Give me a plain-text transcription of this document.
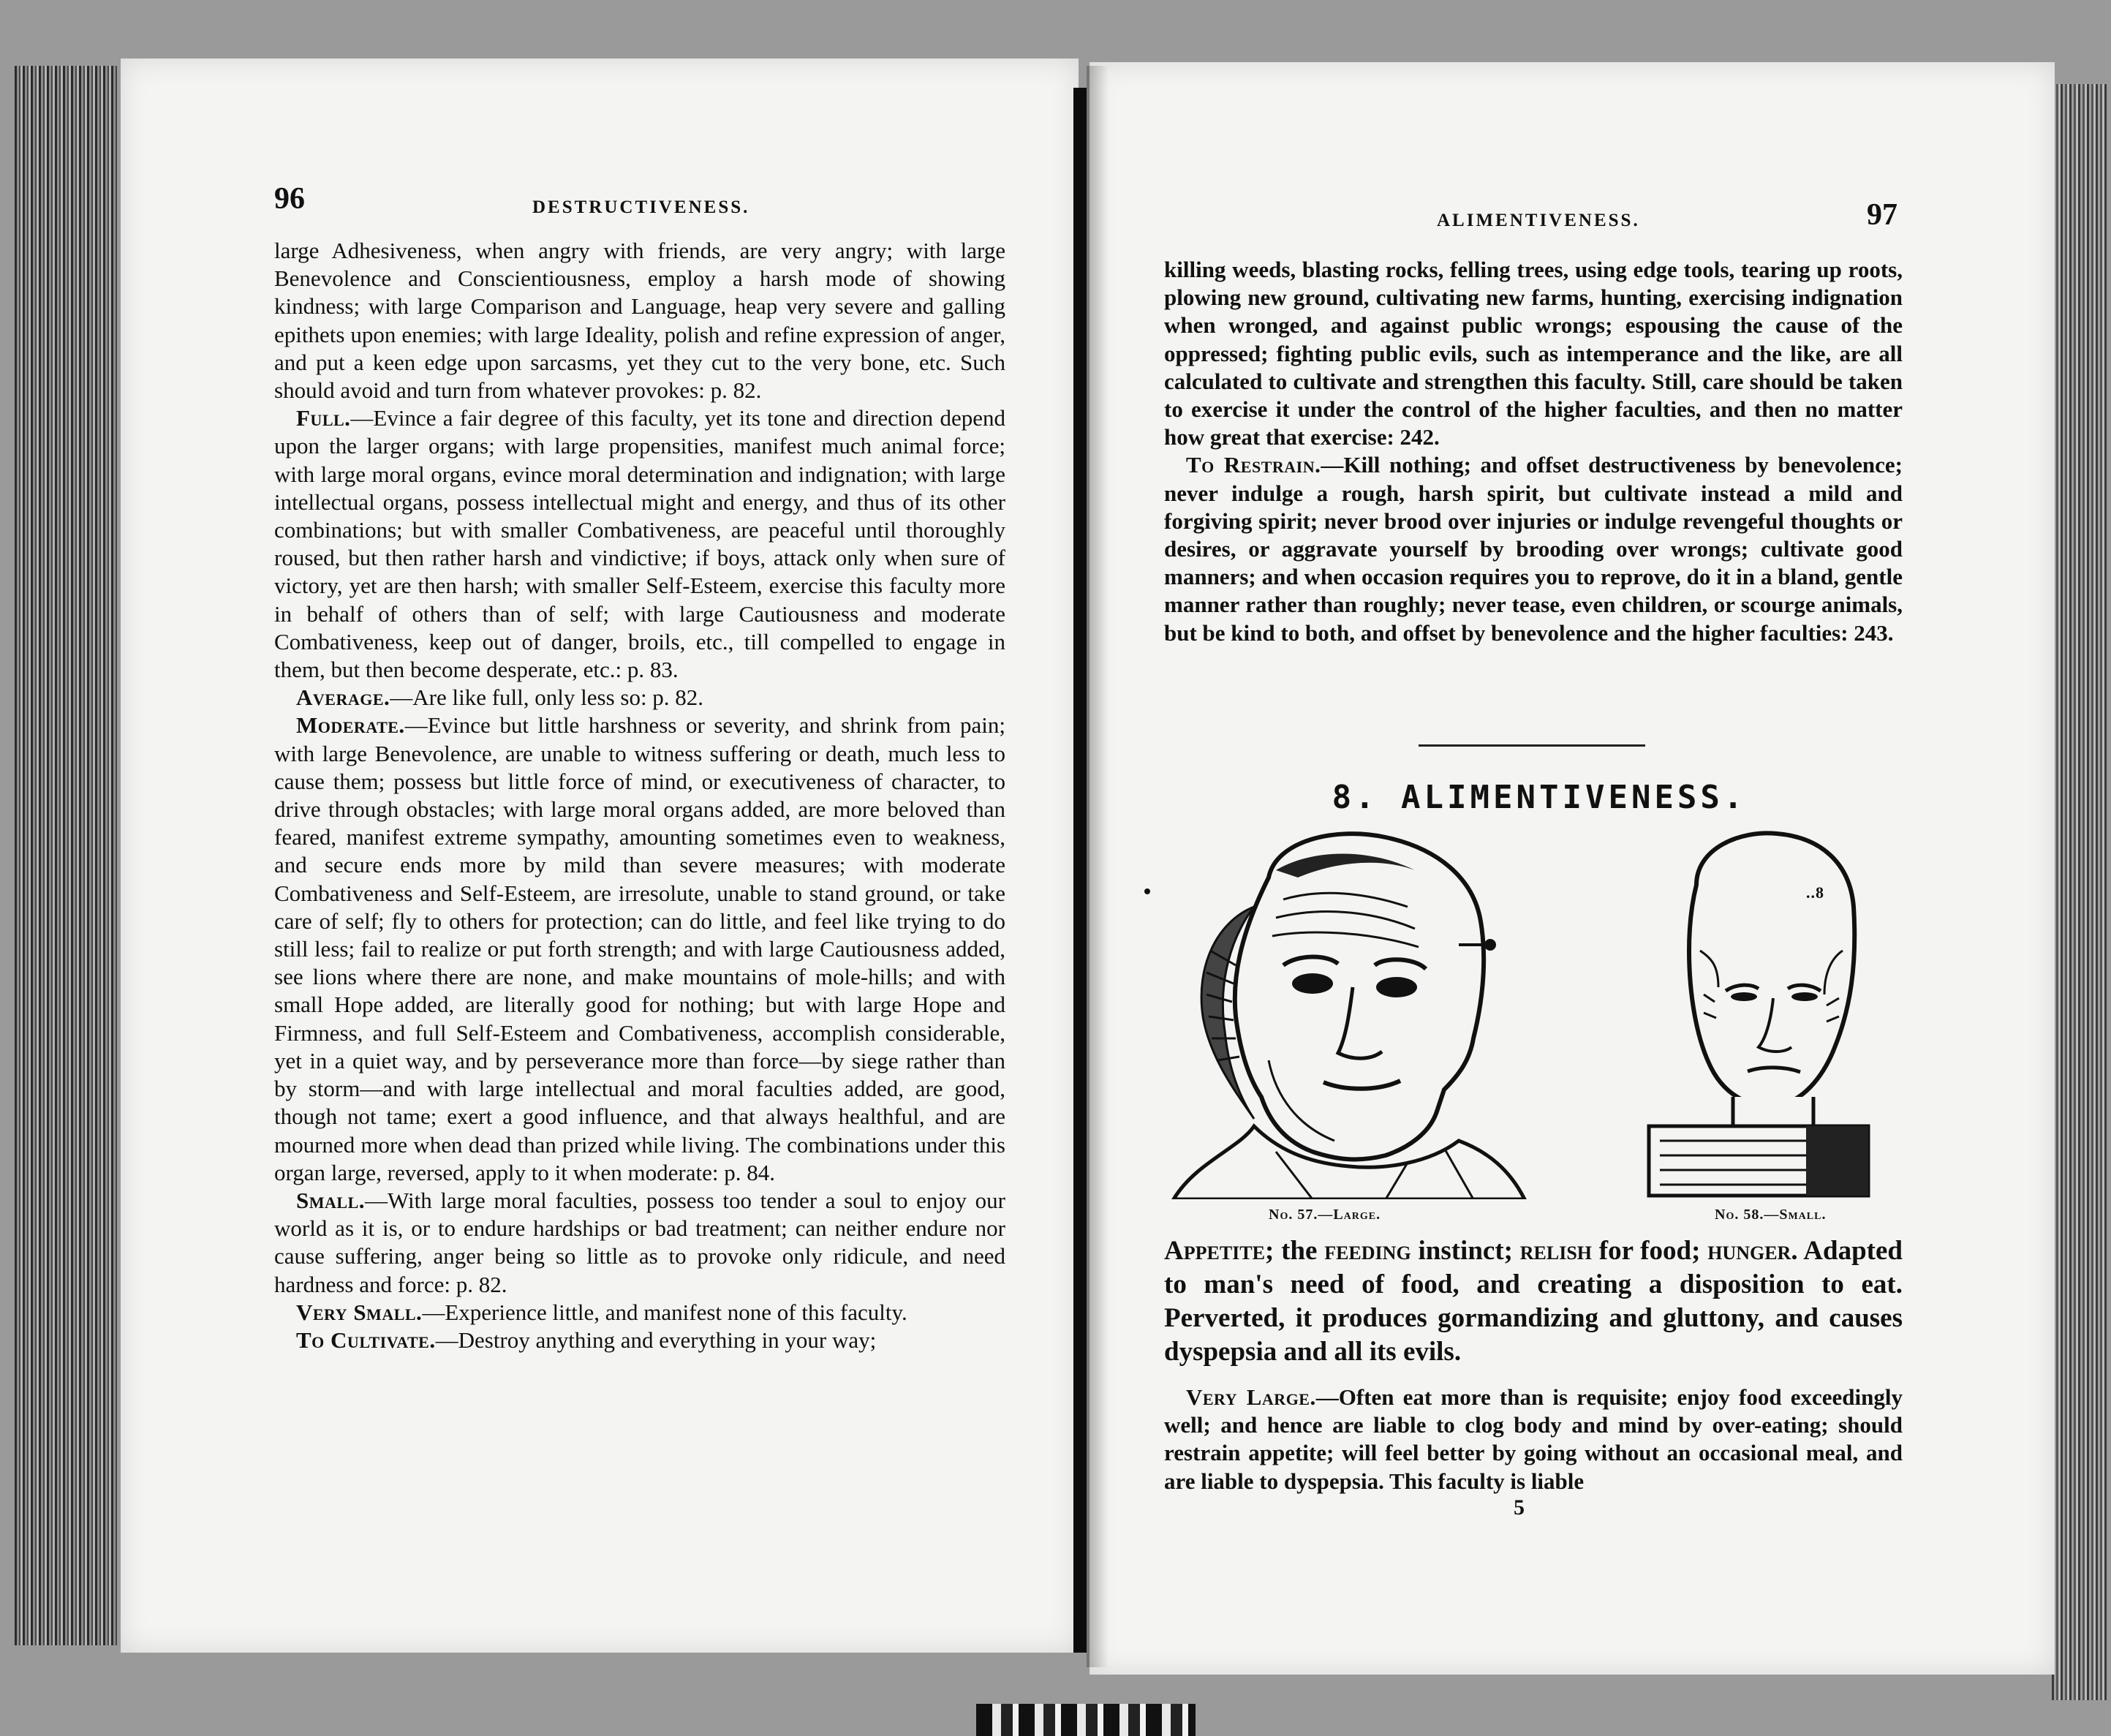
96	DESTRUCTIVENESS.

large Adhesiveness, when angry with friends, are very angry; with large Benevolence and Conscientiousness, employ a harsh mode of showing kindness; with large Comparison and Language, heap very severe and galling epithets upon enemies; with large Ideality, polish and refine expression of anger, and put a keen edge upon sarcasms, yet they cut to the very bone, etc. Such should avoid and turn from whatever provokes: p. 82.

Full.—Evince a fair degree of this faculty, yet its tone and direction depend upon the larger organs; with large propensities, manifest much animal force; with large moral organs, evince moral determination and indignation; with large intellectual organs, possess intellectual might and energy, and thus of its other combinations; but with smaller Combativeness, are peaceful until thoroughly roused, but then rather harsh and vindictive; if boys, attack only when sure of victory, yet are then harsh; with smaller Self-Esteem, exercise this faculty more in behalf of others than of self; with large Cautiousness and moderate Combativeness, keep out of danger, broils, etc., till compelled to engage in them, but then become desperate, etc.: p. 83.

Average.—Are like full, only less so: p. 82.

Moderate.—Evince but little harshness or severity, and shrink from pain; with large Benevolence, are unable to witness suffering or death, much less to cause them; possess but little force of mind, or executiveness of character, to drive through obstacles; with large moral organs added, are more beloved than feared, manifest extreme sympathy, amounting sometimes even to weakness, and secure ends more by mild than severe measures; with moderate Combativeness and Self-Esteem, are irresolute, unable to stand ground, or take care of self; fly to others for protection; can do little, and feel like trying to do still less; fail to realize or put forth strength; and with large Cautiousness added, see lions where there are none, and make mountains of mole-hills; and with small Hope added, are literally good for nothing; but with large Hope and Firmness, and full Self-Esteem and Combativeness, accomplish considerable, yet in a quiet way, and by perseverance more than force—by siege rather than by storm—and with large intellectual and moral faculties added, are good, though not tame; exert a good influence, and that always healthful, and are mourned more when dead than prized while living. The combinations under this organ large, reversed, apply to it when moderate: p. 84.

Small.—With large moral faculties, possess too tender a soul to enjoy our world as it is, or to endure hardships or bad treatment; can neither endure nor cause suffering, anger being so little as to provoke only ridicule, and need hardness and force: p. 82.

Very Small.—Experience little, and manifest none of this faculty.

To Cultivate.—Destroy anything and everything in your way;

ALIMENTIVENESS.	97

killing weeds, blasting rocks, felling trees, using edge tools, tearing up roots, plowing new ground, cultivating new farms, hunting, exercising indignation when wronged, and against public wrongs; espousing the cause of the oppressed; fighting public evils, such as intemperance and the like, are all calculated to cultivate and strengthen this faculty. Still, care should be taken to exercise it under the control of the higher faculties, and then no matter how great that exercise: 242.

To Restrain.—Kill nothing; and offset destructiveness by benevolence; never indulge a rough, harsh spirit, but cultivate instead a mild and forgiving spirit; never brood over injuries or indulge revengeful thoughts or desires, or aggravate yourself by brooding over wrongs; cultivate good manners; and when occasion requires you to reprove, do it in a bland, gentle manner rather than roughly; never tease, even children, or scourge animals, but be kind to both, and offset by benevolence and the higher faculties: 243.

8. ALIMENTIVENESS.
No. 57.—Large.
..8
No. 58.—Small.
Appetite; the feeding instinct; relish for food; hunger. Adapted to man's need of food, and creating a disposition to eat. Perverted, it produces gormandizing and gluttony, and causes dyspepsia and all its evils.

Very Large.—Often eat more than is requisite; enjoy food exceedingly well; and hence are liable to clog body and mind by over-eating; should restrain appetite; will feel better by going without an occasional meal, and are liable to dyspepsia. This faculty is liable

5
